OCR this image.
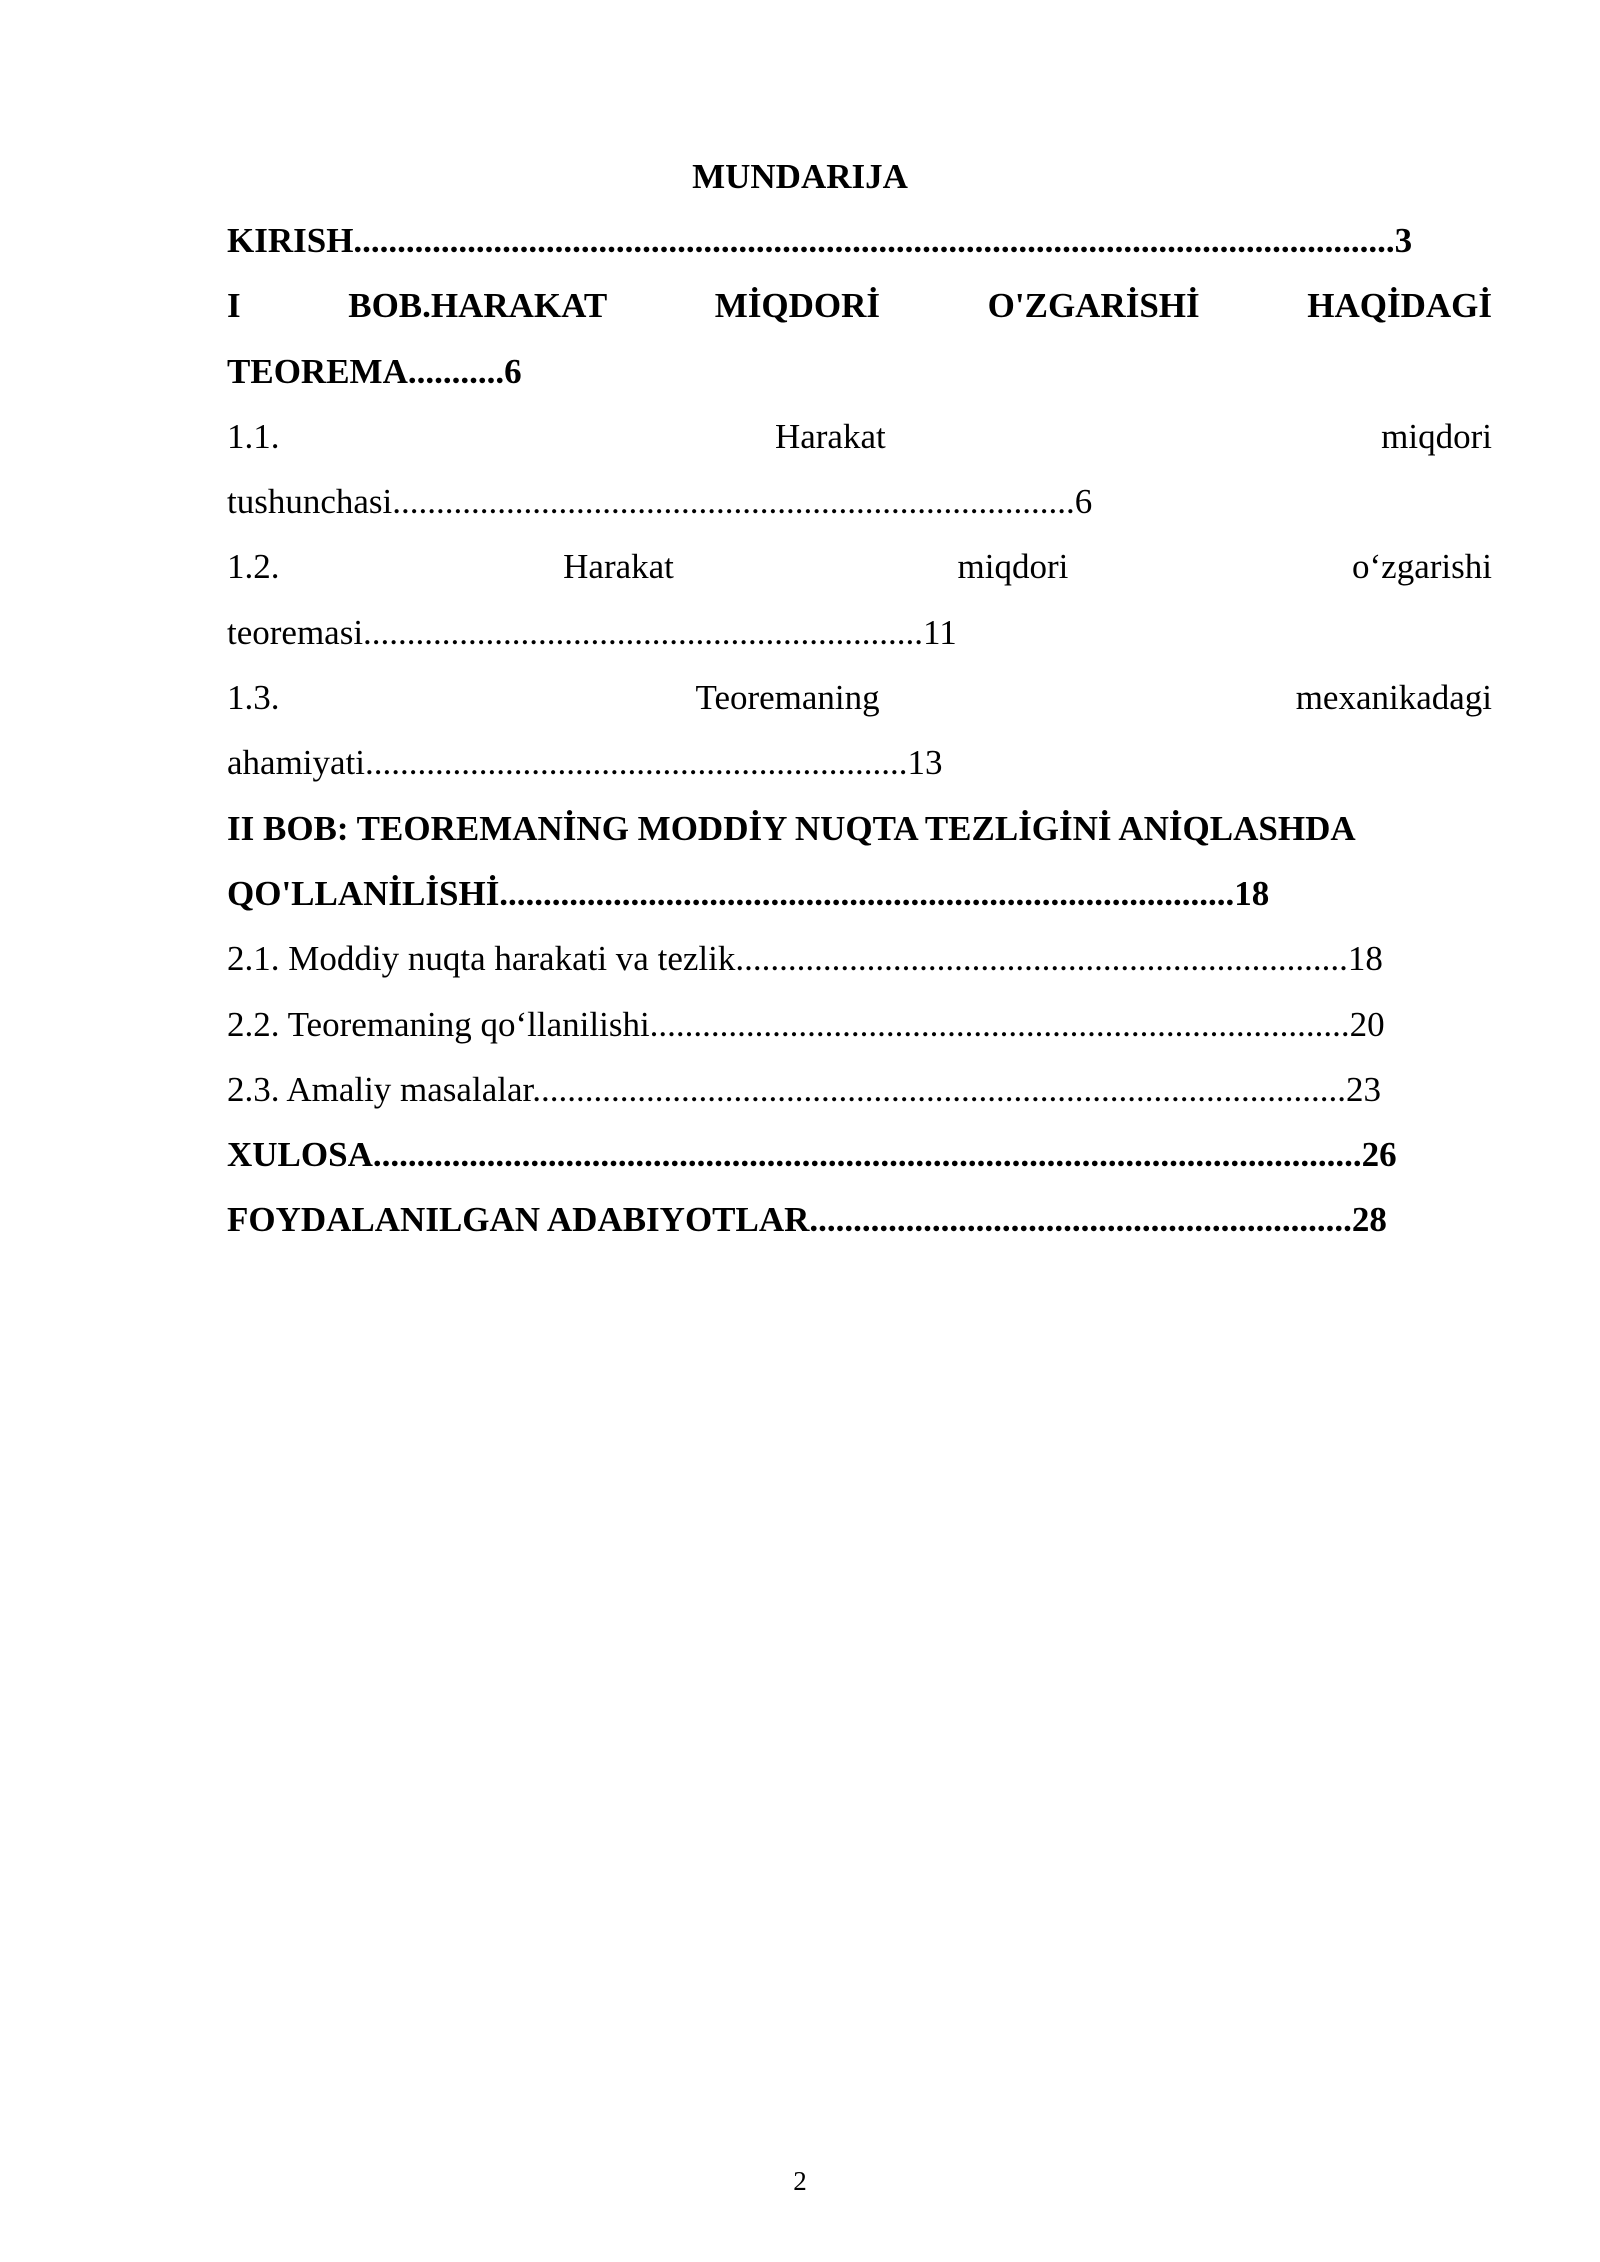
MUNDARIJA
KIRISH.......................................................................................................................3
I	BOB.HARAKAT	MİQDORİ	O'ZGARİSHİ	HAQİDAGİ
TEOREMA...........6
1.1.	Harakat	miqdori
tushunchasi..............................................................................6
1.2.	Harakat	miqdori	o‘zgarishi
teoremasi................................................................11
1.3.	Teoremaning	mexanikadagi
ahamiyati..............................................................13
II BOB: TEOREMANİNG MODDİY NUQTA TEZLİGİNİ ANİQLASHDA
QO'LLANİLİSHİ....................................................................................18
2.1. Moddiy nuqta harakati va tezlik......................................................................18
2.2. Teoremaning qo‘llanilishi................................................................................20
2.3. Amaliy masalalar.............................................................................................23
XULOSA.................................................................................................................26
FOYDALANILGAN ADABIYOTLAR..............................................................28
2
